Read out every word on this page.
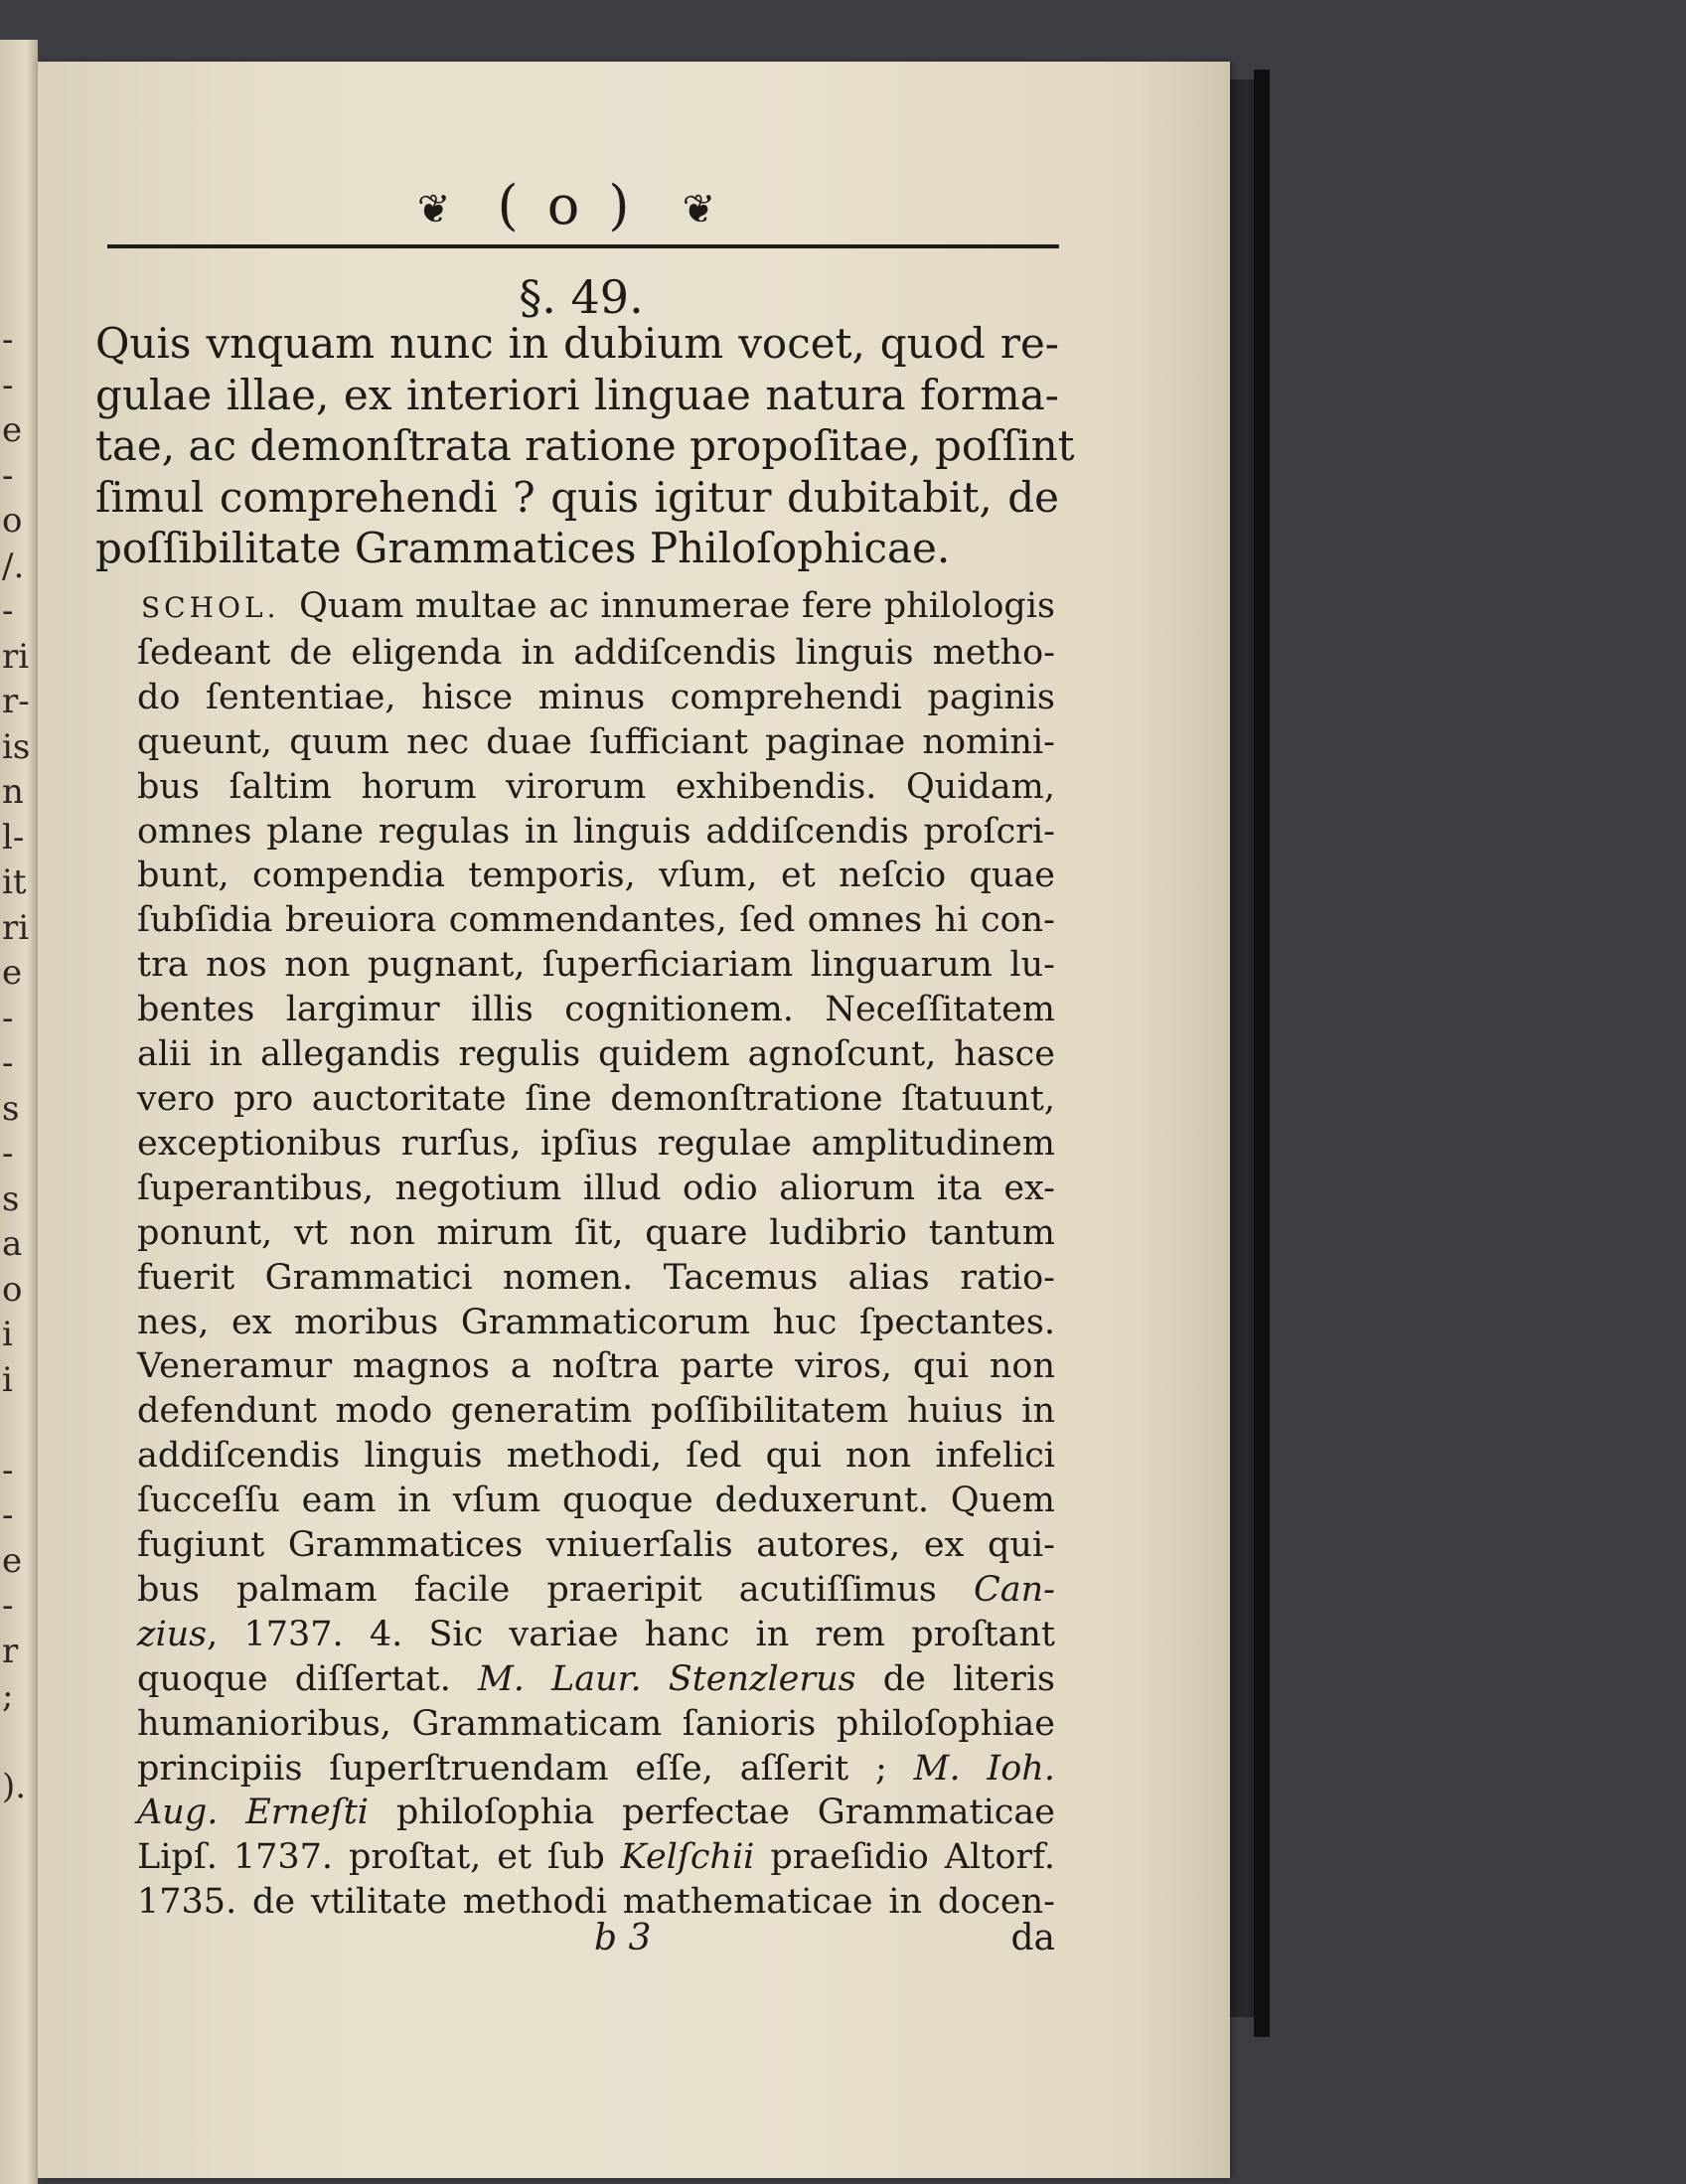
-
-
e
-
o
/.
-
ri
r-
is
n
l-
it
ri
e
-
-
s
-
s
a
o
i
i
-
-
e
-
r
;
).
❦ ( o ) ❦
§. 49.
Quis vnquam nunc in dubium vocet, quod re-
gulae illae, ex interiori linguae natura forma-
tae, ac demonſtrata ratione propoſitae, poſſint
ſimul comprehendi ? quis igitur dubitabit, de
poſſibilitate Grammatices Philoſophicae.
SCHOL. Quam multae ac innumerae fere philologis
ſedeant de eligenda in addiſcendis linguis metho-
do ſententiae, hisce minus comprehendi paginis
queunt, quum nec duae ſufficiant paginae nomini-
bus ſaltim horum virorum exhibendis. Quidam,
omnes plane regulas in linguis addiſcendis proſcri-
bunt, compendia temporis, vſum, et neſcio quae
ſubſidia breuiora commendantes, ſed omnes hi con-
tra nos non pugnant, ſuperficiariam linguarum lu-
bentes largimur illis cognitionem. Neceſſitatem
alii in allegandis regulis quidem agnoſcunt, hasce
vero pro auctoritate ſine demonſtratione ſtatuunt,
exceptionibus rurſus, ipſius regulae amplitudinem
ſuperantibus, negotium illud odio aliorum ita ex-
ponunt, vt non mirum ſit, quare ludibrio tantum
fuerit Grammatici nomen. Tacemus alias ratio-
nes, ex moribus Grammaticorum huc ſpectantes.
Veneramur magnos a noſtra parte viros, qui non
defendunt modo generatim poſſibilitatem huius in
addiſcendis linguis methodi, ſed qui non infelici
ſucceſſu eam in vſum quoque deduxerunt. Quem
fugiunt Grammatices vniuerſalis autores, ex qui-
bus palmam facile praeripit acutiſſimus Can-
zius, 1737. 4. Sic variae hanc in rem proſtant
quoque diſſertat. M. Laur. Stenzlerus de literis
humanioribus, Grammaticam ſanioris philoſophiae
principiis ſuperſtruendam eſſe, aſſerit ; M. Ioh.
Aug. Erneſti philoſophia perfectae Grammaticae
Lipſ. 1737. proſtat, et ſub Kelſchii praeſidio Altorf.
1735. de vtilitate methodi mathematicae in docen-
b 3	da
